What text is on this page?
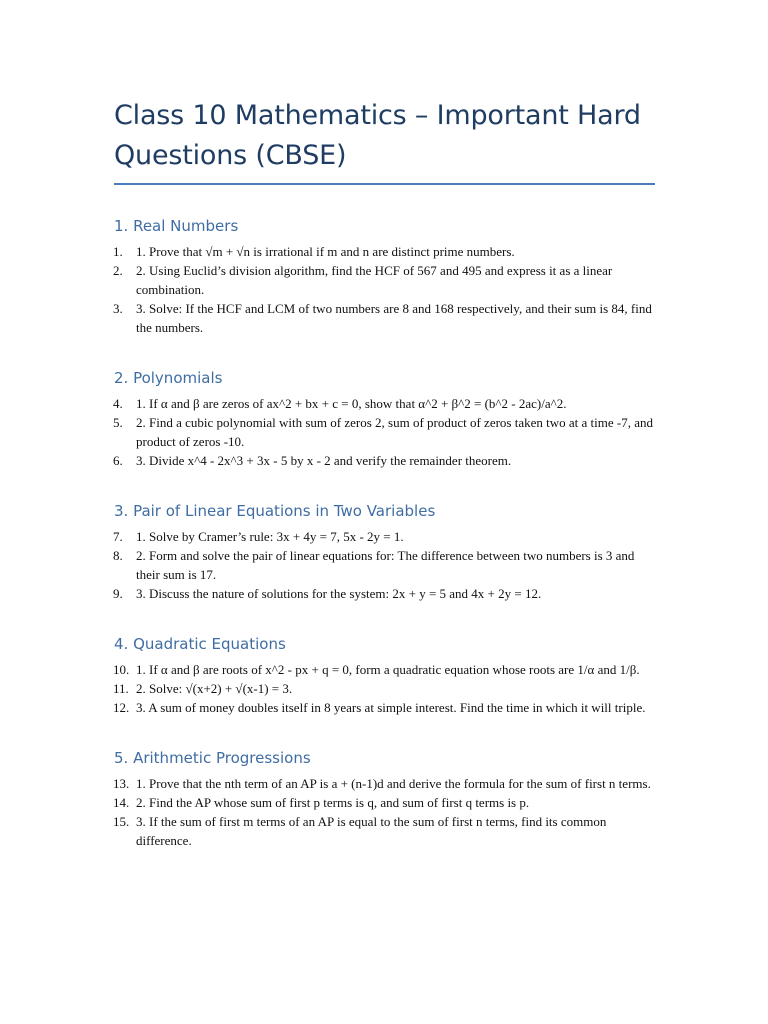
Class 10 Mathematics – Important Hard Questions (CBSE)
1. Real Numbers
1. 1. Prove that √m + √n is irrational if m and n are distinct prime numbers.
2. 2. Using Euclid’s division algorithm, find the HCF of 567 and 495 and express it as a linear combination.
3. 3. Solve: If the HCF and LCM of two numbers are 8 and 168 respectively, and their sum is 84, find the numbers.
2. Polynomials
4. 1. If α and β are zeros of ax^2 + bx + c = 0, show that α^2 + β^2 = (b^2 - 2ac)/a^2.
5. 2. Find a cubic polynomial with sum of zeros 2, sum of product of zeros taken two at a time -7, and product of zeros -10.
6. 3. Divide x^4 - 2x^3 + 3x - 5 by x - 2 and verify the remainder theorem.
3. Pair of Linear Equations in Two Variables
7. 1. Solve by Cramer’s rule: 3x + 4y = 7, 5x - 2y = 1.
8. 2. Form and solve the pair of linear equations for: The difference between two numbers is 3 and their sum is 17.
9. 3. Discuss the nature of solutions for the system: 2x + y = 5 and 4x + 2y = 12.
4. Quadratic Equations
10. 1. If α and β are roots of x^2 - px + q = 0, form a quadratic equation whose roots are 1/α and 1/β.
11. 2. Solve: √(x+2) + √(x-1) = 3.
12. 3. A sum of money doubles itself in 8 years at simple interest. Find the time in which it will triple.
5. Arithmetic Progressions
13. 1. Prove that the nth term of an AP is a + (n-1)d and derive the formula for the sum of first n terms.
14. 2. Find the AP whose sum of first p terms is q, and sum of first q terms is p.
15. 3. If the sum of first m terms of an AP is equal to the sum of first n terms, find its common difference.
